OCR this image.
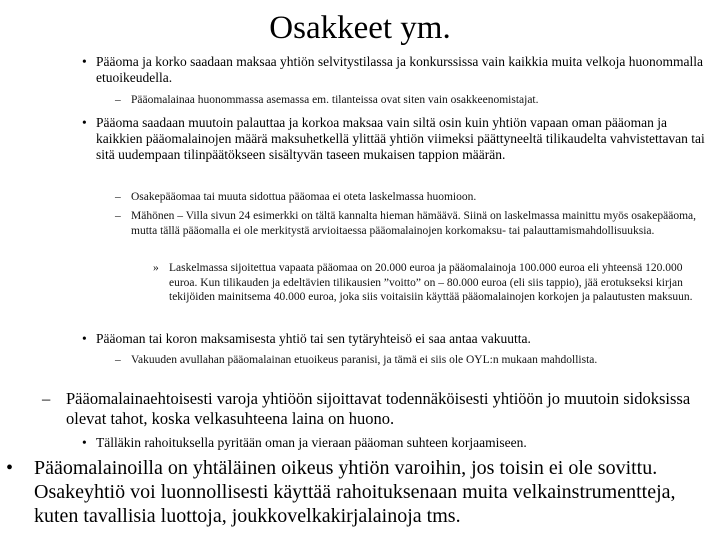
Osakkeet ym.
• Pääoma ja korko saadaan maksaa yhtiön selvitystilassa ja konkurssissa vain kaikkia muita velkoja huonommalla etuoikeudella.
– Pääomalainaa huonommassa asemassa em. tilanteissa ovat siten vain osakkeenomistajat.
• Pääoma saadaan muutoin palauttaa ja korkoa maksaa vain siltä osin kuin yhtiön vapaan oman pääoman ja kaikkien pääomalainojen määrä maksuhetkellä ylittää yhtiön viimeksi päättyneeltä tilikaudelta vahvistettavan tai sitä uudempaan tilinpäätökseen sisältyvän taseen mukaisen tappion määrän.
– Osakepääomaa tai muuta sidottua pääomaa ei oteta laskelmassa huomioon.
– Mähönen – Villa sivun 24 esimerkki on tältä kannalta hieman hämäävä. Siinä on laskelmassa mainittu myös osakepääoma, mutta tällä pääomalla ei ole merkitystä arvioitaessa pääomalainojen korkomaksu- tai palauttamismahdollisuuksia.
» Laskelmassa sijoitettua vapaata pääomaa on 20.000 euroa ja pääomalainoja 100.000 euroa eli yhteensä 120.000 euroa. Kun tilikauden ja edeltävien tilikausien ”voitto” on – 80.000 euroa (eli siis tappio), jää erotukseksi kirjan tekijöiden mainitsema 40.000 euroa, joka siis voitaisiin käyttää pääomalainojen korkojen ja palautusten maksuun.
• Pääoman tai koron maksamisesta yhtiö tai sen tytäryhteisö ei saa antaa vakuutta.
– Vakuuden avullahan pääomalainan etuoikeus paranisi, ja tämä ei siis ole OYL:n mukaan mahdollista.
– Pääomalainaehtoisesti varoja yhtiöön sijoittavat todennäköisesti yhtiöön jo muutoin sidoksissa olevat tahot, koska velkasuhteena laina on huono.
• Tälläkin rahoituksella pyritään oman ja vieraan pääoman suhteen korjaamiseen.
• Pääomalainoilla on yhtäläinen oikeus yhtiön varoihin, jos toisin ei ole sovittu. Osakeyhtiö voi luonnollisesti käyttää rahoituksenaan muita velkainstrumentteja, kuten tavallisia luottoja, joukkovelkakirjalainoja tms.
